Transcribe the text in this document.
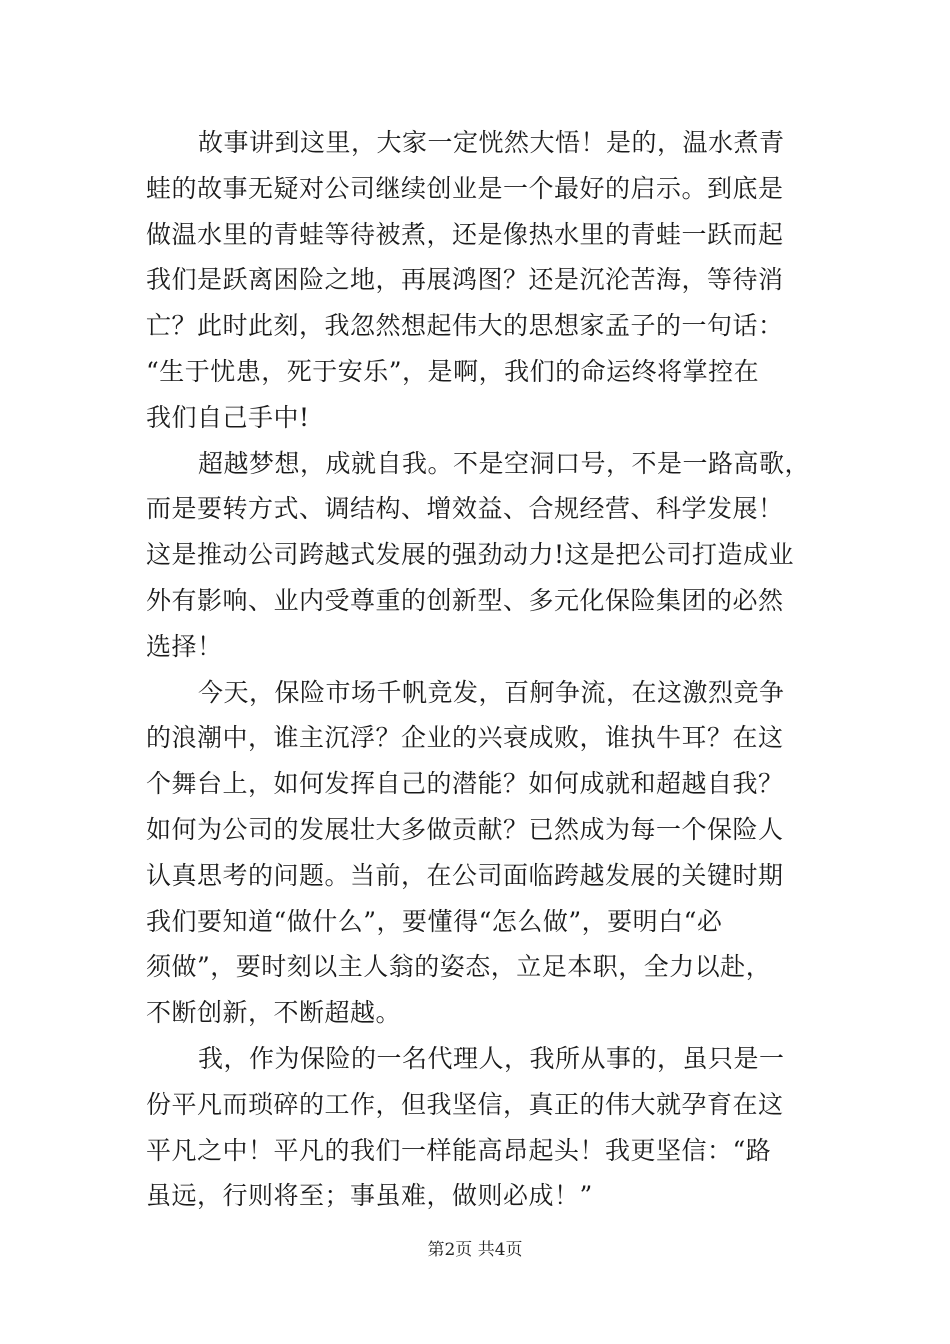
故事讲到这里，大家一定恍然大悟！是的，温水煮青
蛙的故事无疑对公司继续创业是一个最好的启示。到底是
做温水里的青蛙等待被煮，还是像热水里的青蛙一跃而起
我们是跃离困险之地，再展鸿图？还是沉沦苦海，等待消
亡？此时此刻，我忽然想起伟大的思想家孟子的一句话：
“生于忧患，死于安乐”，是啊，我们的命运终将掌控在
我们自己手中!
超越梦想，成就自我。不是空洞口号，不是一路高歌，
而是要转方式、调结构、增效益、合规经营、科学发展！
这是推动公司跨越式发展的强劲动力!这是把公司打造成业
外有影响、业内受尊重的创新型、多元化保险集团的必然
选择！
今天，保险市场千帆竞发，百舸争流，在这激烈竞争
的浪潮中，谁主沉浮？企业的兴衰成败，谁执牛耳？在这
个舞台上，如何发挥自己的潜能？如何成就和超越自我？
如何为公司的发展壮大多做贡献？已然成为每一个保险人
认真思考的问题。当前，在公司面临跨越发展的关键时期
我们要知道“做什么”，要懂得“怎么做”，要明白“必
须做”，要时刻以主人翁的姿态，立足本职，全力以赴，
不断创新，不断超越。
我，作为保险的一名代理人，我所从事的，虽只是一
份平凡而琐碎的工作，但我坚信，真正的伟大就孕育在这
平凡之中！平凡的我们一样能高昂起头！我更坚信：“路
虽远，行则将至；事虽难，做则必成！”
第2页 共4页
